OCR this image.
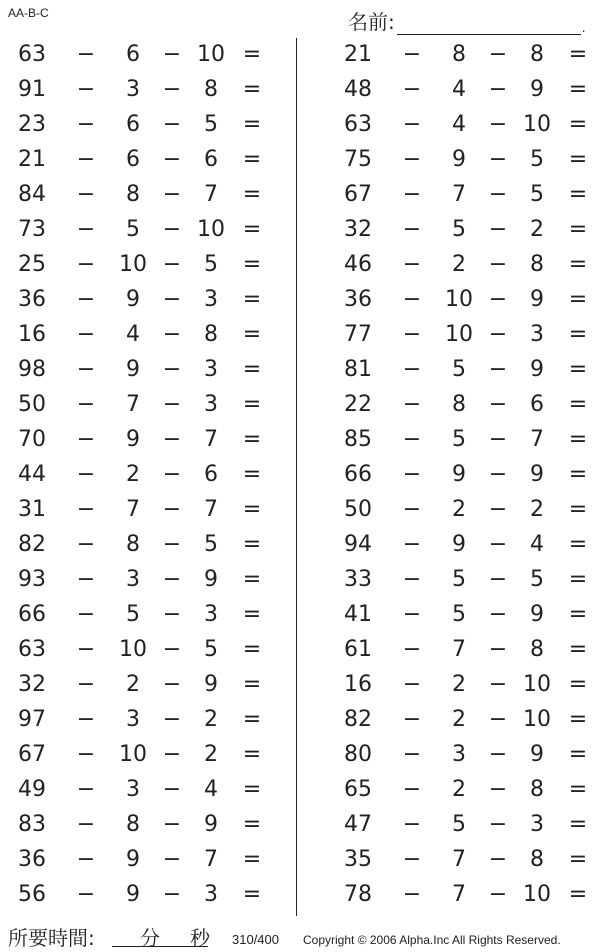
AA-B-C	名前:	.
63	−	6	− 10 =
91	−	3	−	8	=
23	−	6	−	5	=
21	−	6	−	6	=
84	−	8	−	7	=
73	−	5	− 10 =
25	− 10 −	5	=
36	−	9	−	3	=
16	−	4	−	8	=
98	−	9	−	3	=
50	−	7	−	3	=
70	−	9	−	7	=
44	−	2	−	6	=
31	−	7	−	7	=
82	−	8	−	5	=
93	−	3	−	9	=
66	−	5	−	3	=
63	− 10 −	5	=
32	−	2	−	9	=
97	−	3	−	2	=
67	− 10 −	2	=
49	−	3	−	4	=
83	−	8	−	9	=
36	−	9	−	7	=
56	−	9	−	3	=
21	−	8	−	8	=
48	−	4	−	9	=
63	−	4	− 10 =
75	−	9	−	5	=
67	−	7	−	5	=
32	−	5	−	2	=
46	−	2	−	8	=
36	− 10 −	9	=
77	− 10 −	3	=
81	−	5	−	9	=
22	−	8	−	6	=
85	−	5	−	7	=
66	−	9	−	9	=
50	−	2	−	2	=
94	−	9	−	4	=
33	−	5	−	5	=
41	−	5	−	9	=
61	−	7	−	8	=
16	−	2	− 10 =
82	−	2	− 10 =
80	−	3	−	9	=
65	−	2	−	8	=
47	−	5	−	3	=
35	−	7	−	8	=
78	−	7	− 10 =
所要時間: 分 秒 310/400 Copyright © 2006 Alpha.Inc All Rights Reserved.
